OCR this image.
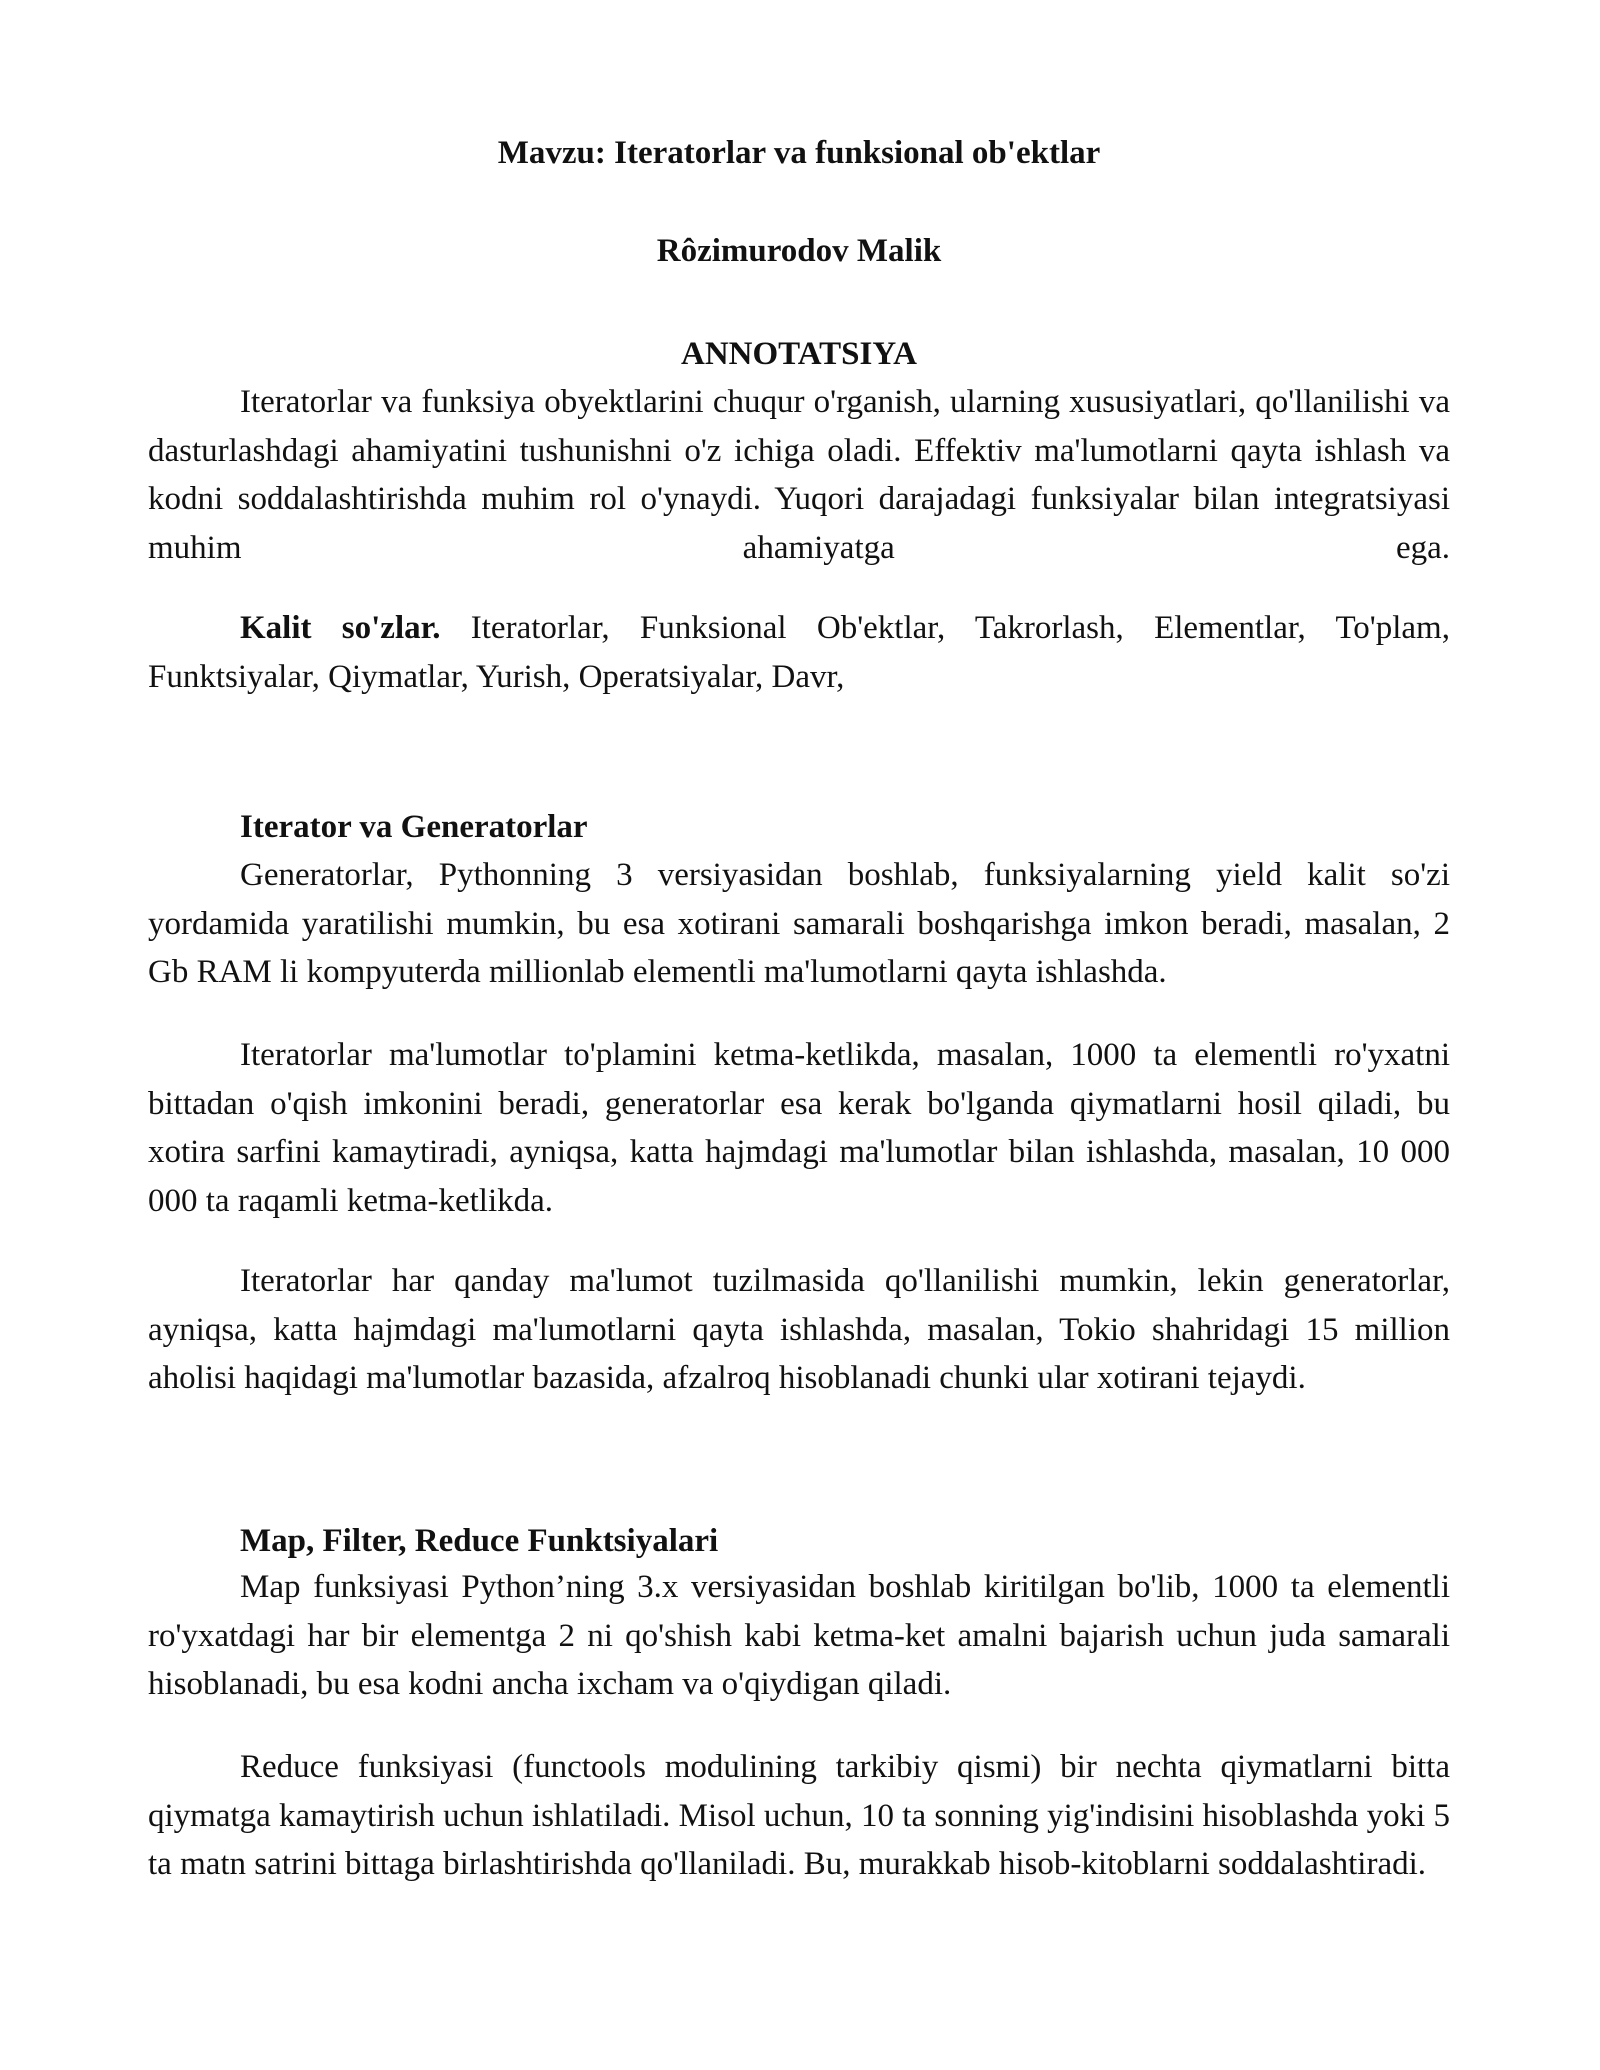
Mavzu: Iteratorlar va funksional ob'ektlar
Rôzimurodov Malik
ANNOTATSIYA

Iteratorlar va funksiya obyektlarini chuqur o'rganish, ularning xususiyatlari, qo'llanilishi va dasturlashdagi ahamiyatini tushunishni o'z ichiga oladi. Effektiv ma'lumotlarni qayta ishlash va kodni soddalashtirishda muhim rol o'ynaydi. Yuqori darajadagi funksiyalar bilan integratsiyasi muhim ahamiyatga ega.

Kalit so'zlar. Iteratorlar, Funksional Ob'ektlar, Takrorlash, Elementlar, To'plam, Funktsiyalar, Qiymatlar, Yurish, Operatsiyalar, Davr,

Iterator va Generatorlar

Generatorlar, Pythonning 3 versiyasidan boshlab, funksiyalarning yield kalit so'zi yordamida yaratilishi mumkin, bu esa xotirani samarali boshqarishga imkon beradi, masalan, 2 Gb RAM li kompyuterda millionlab elementli ma'lumotlarni qayta ishlashda.

Iteratorlar ma'lumotlar to'plamini ketma-ketlikda, masalan, 1000 ta elementli ro'yxatni bittadan o'qish imkonini beradi, generatorlar esa kerak bo'lganda qiymatlarni hosil qiladi, bu xotira sarfini kamaytiradi, ayniqsa, katta hajmdagi ma'lumotlar bilan ishlashda, masalan, 10 000 000 ta raqamli ketma-ketlikda.

Iteratorlar har qanday ma'lumot tuzilmasida qo'llanilishi mumkin, lekin generatorlar, ayniqsa, katta hajmdagi ma'lumotlarni qayta ishlashda, masalan, Tokio shahridagi 15 million aholisi haqidagi ma'lumotlar bazasida, afzalroq hisoblanadi chunki ular xotirani tejaydi.

Map, Filter, Reduce Funktsiyalari

Map funksiyasi Python’ning 3.x versiyasidan boshlab kiritilgan bo'lib, 1000 ta elementli ro'yxatdagi har bir elementga 2 ni qo'shish kabi ketma-ket amalni bajarish uchun juda samarali hisoblanadi, bu esa kodni ancha ixcham va o'qiydigan qiladi.

Reduce funksiyasi (functools modulining tarkibiy qismi) bir nechta qiymatlarni bitta qiymatga kamaytirish uchun ishlatiladi. Misol uchun, 10 ta sonning yig'indisini hisoblashda yoki 5 ta matn satrini bittaga birlashtirishda qo'llaniladi. Bu, murakkab hisob-kitoblarni soddalashtiradi.
